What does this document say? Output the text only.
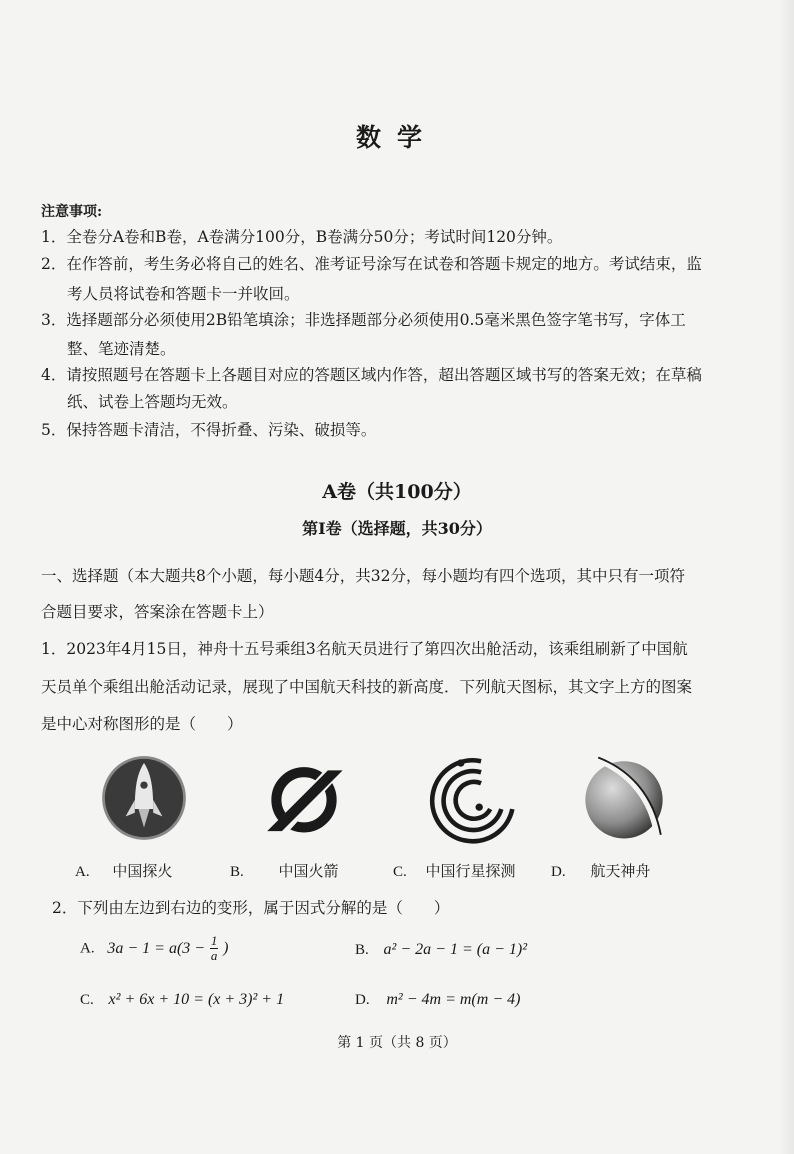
数学
注意事项:
1．全卷分A卷和B卷，A卷满分100分，B卷满分50分；考试时间120分钟。
2．在作答前，考生务必将自己的姓名、准考证号涂写在试卷和答题卡规定的地方。考试结束，监
考人员将试卷和答题卡一并收回。
3．选择题部分必须使用2B铅笔填涂；非选择题部分必须使用0.5毫米黑色签字笔书写，字体工
整、笔迹清楚。
4．请按照题号在答题卡上各题目对应的答题区域内作答，超出答题区域书写的答案无效；在草稿
纸、试卷上答题均无效。
5．保持答题卡清洁，不得折叠、污染、破损等。
A卷（共100分）
第Ⅰ卷（选择题，共30分）
一、选择题（本大题共8个小题，每小题4分，共32分，每小题均有四个选项，其中只有一项符
合题目要求，答案涂在答题卡上）
1．2023年4月15日，神舟十五号乘组3名航天员进行了第四次出舱活动，该乘组刷新了中国航
天员单个乘组出舱活动记录，展现了中国航天科技的新高度．下列航天图标，其文字上方的图案
是中心对称图形的是（　　）
A. 中国探火	B. 中国火箭	C. 中国行星探测 D. 航天神舟
2．下列由左边到右边的变形，属于因式分解的是（　　）
A. $3a - 1 = a(3 - \frac{1}{a}$ )	B. a² − 2a − 1 = (a − 1)²
C. x² + 6x + 10 = (x + 3)² + 1	D. m² − 4m = m(m − 4)
第 1 页（共 8 页）
